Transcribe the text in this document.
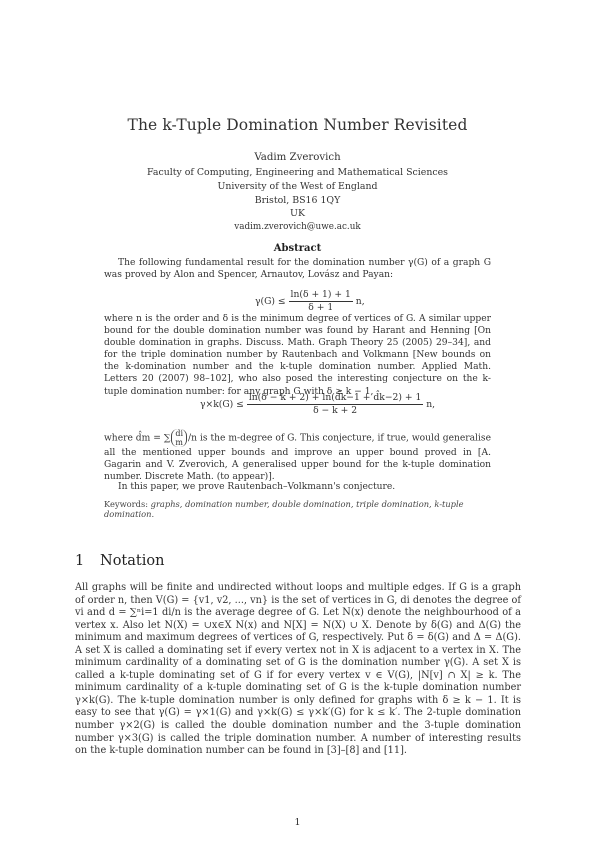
The k-Tuple Domination Number Revisited
Vadim Zverovich
Faculty of Computing, Engineering and Mathematical Sciences
University of the West of England
Bristol, BS16 1QY
UK
vadim.zverovich@uwe.ac.uk
Abstract
The following fundamental result for the domination number γ(G) of a graph G was proved by Alon and Spencer, Arnautov, Lovász and Payan:
$\gamma(G) \le \frac{\ln(\delta + 1) + 1}{\delta + 1} n$,
where n is the order and δ is the minimum degree of vertices of G. A similar upper bound for the double domination number was found by Harant and Henning [On double domination in graphs. Discuss. Math. Graph Theory 25 (2005) 29–34], and for the triple domination number by Rautenbach and Volkmann [New bounds on the k-domination number and the k-tuple domination number. Applied Math. Letters 20 (2007) 98–102], who also posed the interesting conjecture on the k-tuple domination number: for any graph G with δ ≥ k − 1,
$\gamma\times k(G) \le \frac{\ln(\delta - k + 2) + \ln(d̂k-1 + d̂k-2) + 1}{\delta - k + 2} n$,
where d̂m = ∑ di
m /n is the m-degree of G. This conjecture, if true, would generalise all the mentioned upper bounds and improve an upper bound proved in [A. Gagarin and V. Zverovich, A generalised upper bound for the k-tuple domination number. Discrete Math. (to appear)].
In this paper, we prove Rautenbach–Volkmann's conjecture.
Keywords: graphs, domination number, double domination, triple domination, k-tuple domination.
1 Notation
All graphs will be finite and undirected without loops and multiple edges. If G is a graph of order n, then V(G) = {v1, v2, ..., vn} is the set of vertices in G, di denotes the degree of vi and d = ∑ⁿi=1 di/n is the average degree of G. Let N(x) denote the neighbourhood of a vertex x. Also let N(X) = ∪x∈X N(x) and N[X] = N(X) ∪ X. Denote by δ(G) and Δ(G) the minimum and maximum degrees of vertices of G, respectively. Put δ = δ(G) and Δ = Δ(G). A set X is called a dominating set if every vertex not in X is adjacent to a vertex in X. The minimum cardinality of a dominating set of G is the domination number γ(G). A set X is called a k-tuple dominating set of G if for every vertex v ∈ V(G), |N[v] ∩ X| ≥ k. The minimum cardinality of a k-tuple dominating set of G is the k-tuple domination number γ×k(G). The k-tuple domination number is only defined for graphs with δ ≥ k − 1. It is easy to see that γ(G) = γ×1(G) and γ×k(G) ≤ γ×k′(G) for k ≤ k′. The 2-tuple domination number γ×2(G) is called the double domination number and the 3-tuple domination number γ×3(G) is called the triple domination number. A number of interesting results on the k-tuple domination number can be found in [3]–[8] and [11].
1
